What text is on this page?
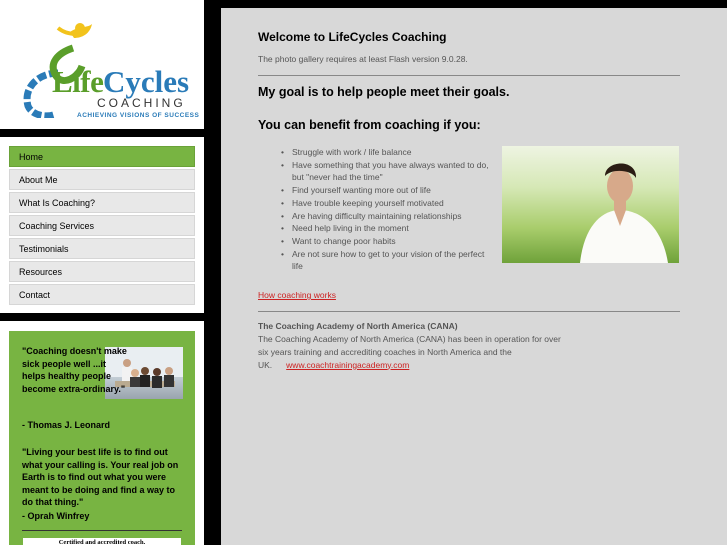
Life Cycles
COACHING
ACHIEVING VISIONS OF SUCCESS
Home
About Me
What Is Coaching?
Coaching Services
Testimonials
Resources
Contact
"Coaching doesn't make sick people well ...it helps healthy people become extra-ordinary."
- Thomas J. Leonard
"Living your best life is to find out what your calling is. Your real job on Earth is to find out what you were meant to be doing and find a way to do that thing."
- Oprah Winfrey
Certified and accredited coach.
Welcome to LifeCycles Coaching
The photo gallery requires at least Flash version 9.0.28.
My goal is to help people meet their goals.
You can benefit from coaching if you:
• Struggle with work / life balance
• Have something that you have always wanted to do, but "never had the time"
• Find yourself wanting more out of life
• Have trouble keeping yourself motivated
• Are having difficulty maintaining relationships
• Need help living in the moment
• Want to change poor habits
• Are not sure how to get to your vision of the perfect life
How coaching works
The Coaching Academy of North America (CANA)
The Coaching Academy of North America (CANA) has been in operation for over six years training and accrediting coaches in North America and the UK. www.coachtrainingacademy.com
